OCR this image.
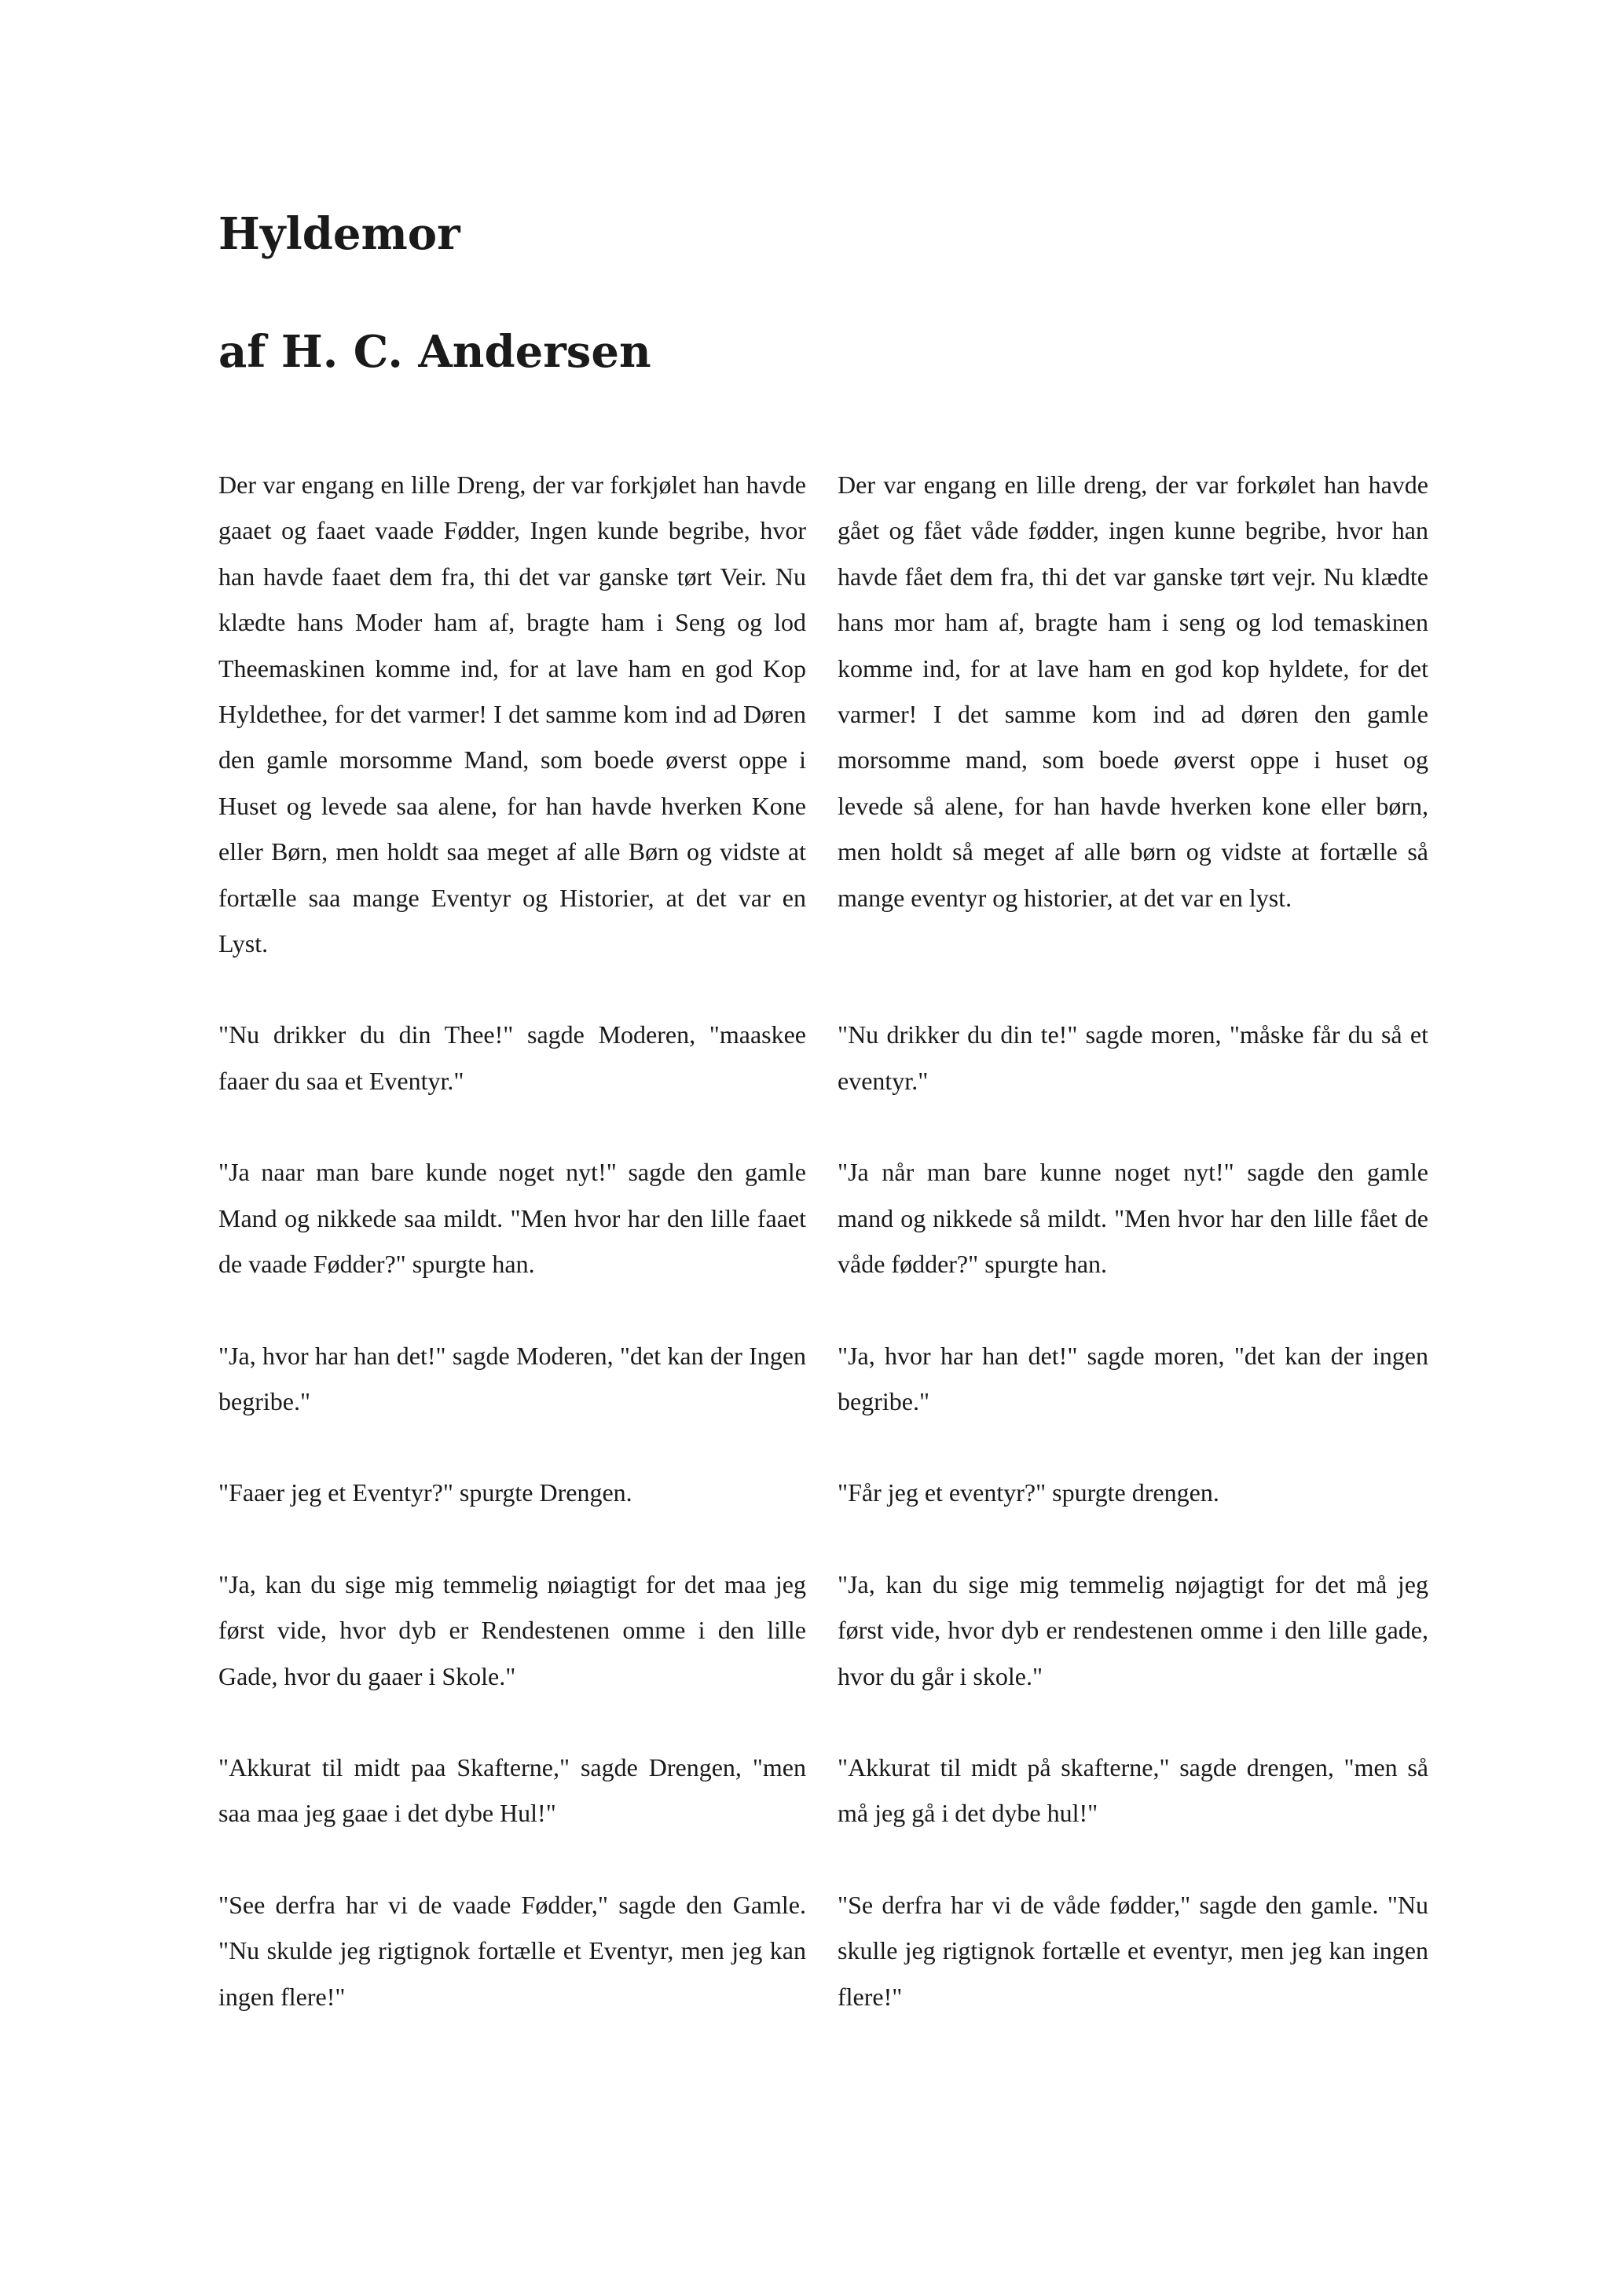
Hyldemor
af H. C. Andersen
Der var engang en lille Dreng, der var forkjølet han havde gaaet og faaet vaade Fødder, Ingen kunde begribe, hvor han havde faaet dem fra, thi det var ganske tørt Veir. Nu klædte hans Moder ham af, bragte ham i Seng og lod Theemaskinen komme ind, for at lave ham en god Kop Hyldethee, for det varmer! I det samme kom ind ad Døren den gamle morsomme Mand, som boede øverst oppe i Huset og levede saa alene, for han havde hverken Kone eller Børn, men holdt saa meget af alle Børn og vidste at fortælle saa mange Eventyr og Historier, at det var en Lyst.
Der var engang en lille dreng, der var forkølet han havde gået og fået våde fødder, ingen kunne begribe, hvor han havde fået dem fra, thi det var ganske tørt vejr. Nu klædte hans mor ham af, bragte ham i seng og lod temaskinen komme ind, for at lave ham en god kop hyldete, for det varmer! I det samme kom ind ad døren den gamle morsomme mand, som boede øverst oppe i huset og levede så alene, for han havde hverken kone eller børn, men holdt så meget af alle børn og vidste at fortælle så mange eventyr og historier, at det var en lyst.
"Nu drikker du din Thee!" sagde Moderen, "maaskee faaer du saa et Eventyr."
"Nu drikker du din te!" sagde moren, "måske får du så et eventyr."
"Ja naar man bare kunde noget nyt!" sagde den gamle Mand og nikkede saa mildt. "Men hvor har den lille faaet de vaade Fødder?" spurgte han.
"Ja når man bare kunne noget nyt!" sagde den gamle mand og nikkede så mildt. "Men hvor har den lille fået de våde fødder?" spurgte han.
"Ja, hvor har han det!" sagde Moderen, "det kan der Ingen begribe."
"Ja, hvor har han det!" sagde moren, "det kan der ingen begribe."
"Faaer jeg et Eventyr?" spurgte Drengen.	"Får jeg et eventyr?" spurgte drengen.
"Ja, kan du sige mig temmelig nøiagtigt for det maa jeg først vide, hvor dyb er Rendestenen omme i den lille Gade, hvor du gaaer i Skole."
"Ja, kan du sige mig temmelig nøjagtigt for det må jeg først vide, hvor dyb er rendestenen omme i den lille gade, hvor du går i skole."
"Akkurat til midt paa Skafterne," sagde Drengen, "men saa maa jeg gaae i det dybe Hul!"
"Akkurat til midt på skafterne," sagde drengen, "men så må jeg gå i det dybe hul!"
"See derfra har vi de vaade Fødder," sagde den Gamle. "Nu skulde jeg rigtignok fortælle et Eventyr, men jeg kan ingen flere!"
"Se derfra har vi de våde fødder," sagde den gamle. "Nu skulle jeg rigtignok fortælle et eventyr, men jeg kan ingen flere!"
